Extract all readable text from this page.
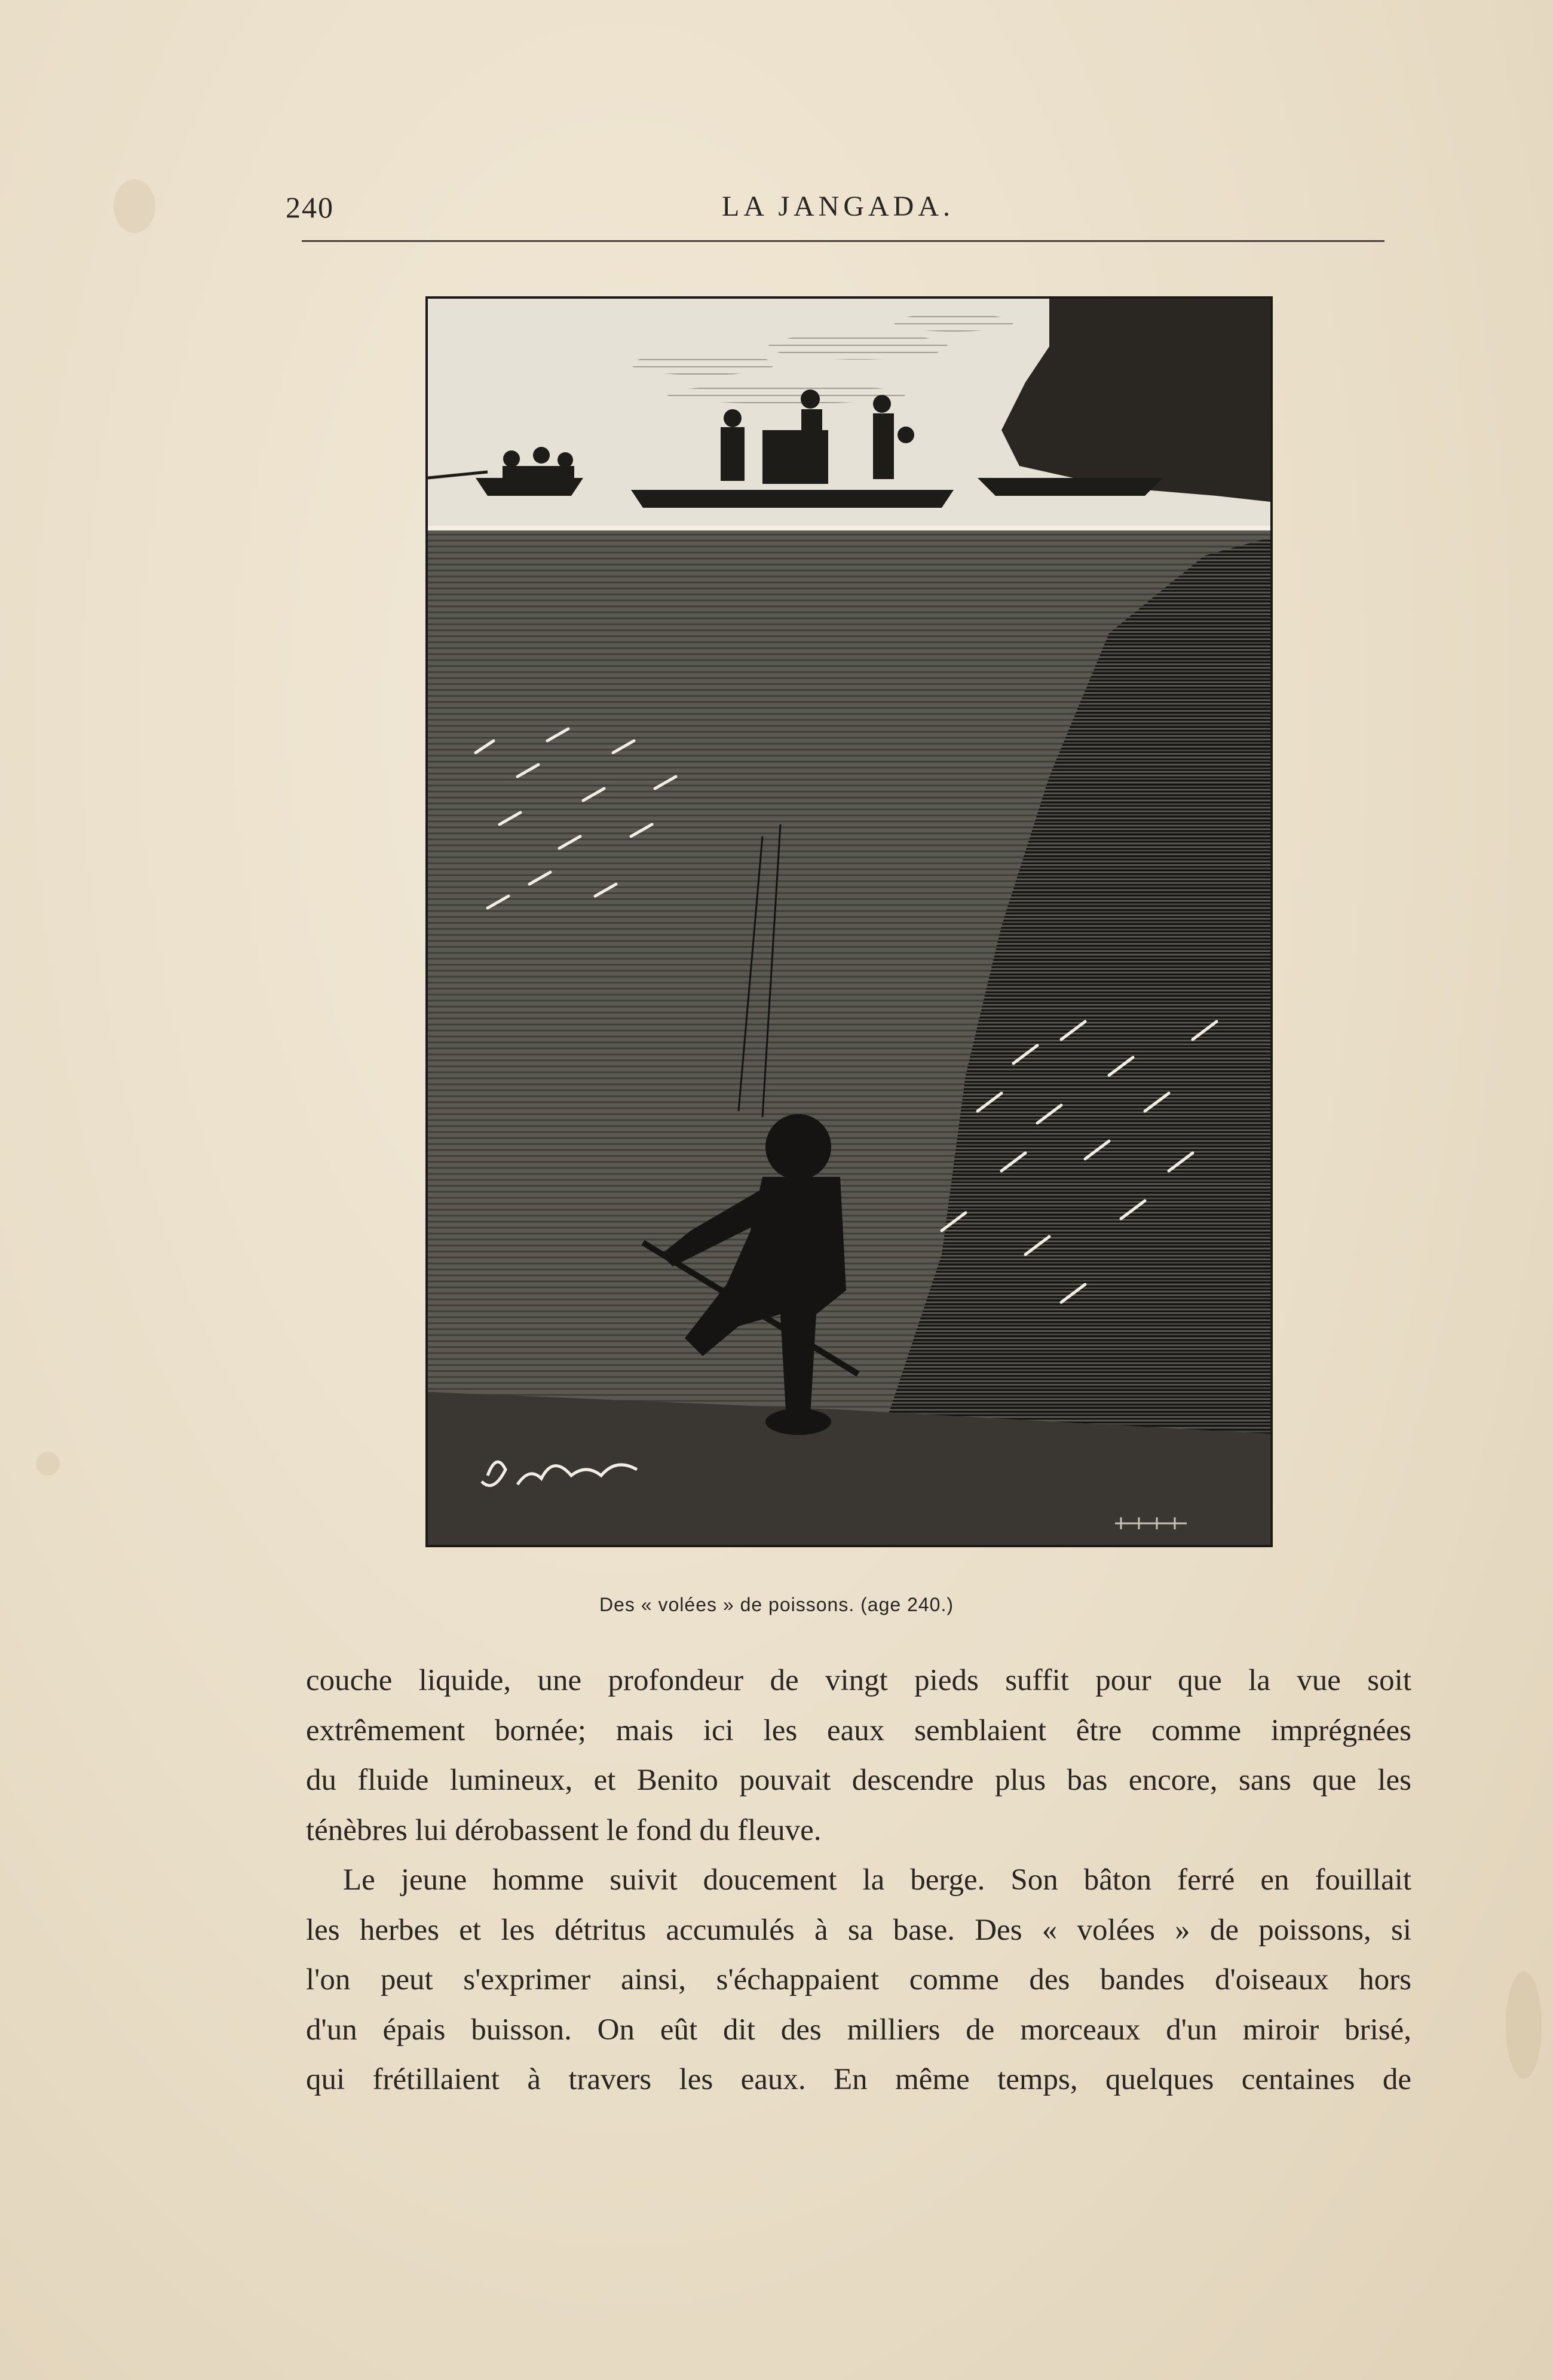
240	LA JANGADA.
Des « volées » de poissons. (age 240.)

couche liquide, une profondeur de vingt pieds suffit pour que la vue soit
extrêmement bornée; mais ici les eaux semblaient être comme imprégnées
du fluide lumineux, et Benito pouvait descendre plus bas encore, sans que les
ténèbres lui dérobassent le fond du fleuve.

Le jeune homme suivit doucement la berge. Son bâton ferré en fouillait
les herbes et les détritus accumulés à sa base. Des « volées » de poissons, si
l'on peut s'exprimer ainsi, s'échappaient comme des bandes d'oiseaux hors
d'un épais buisson. On eût dit des milliers de morceaux d'un miroir brisé,
qui frétillaient à travers les eaux. En même temps, quelques centaines de
